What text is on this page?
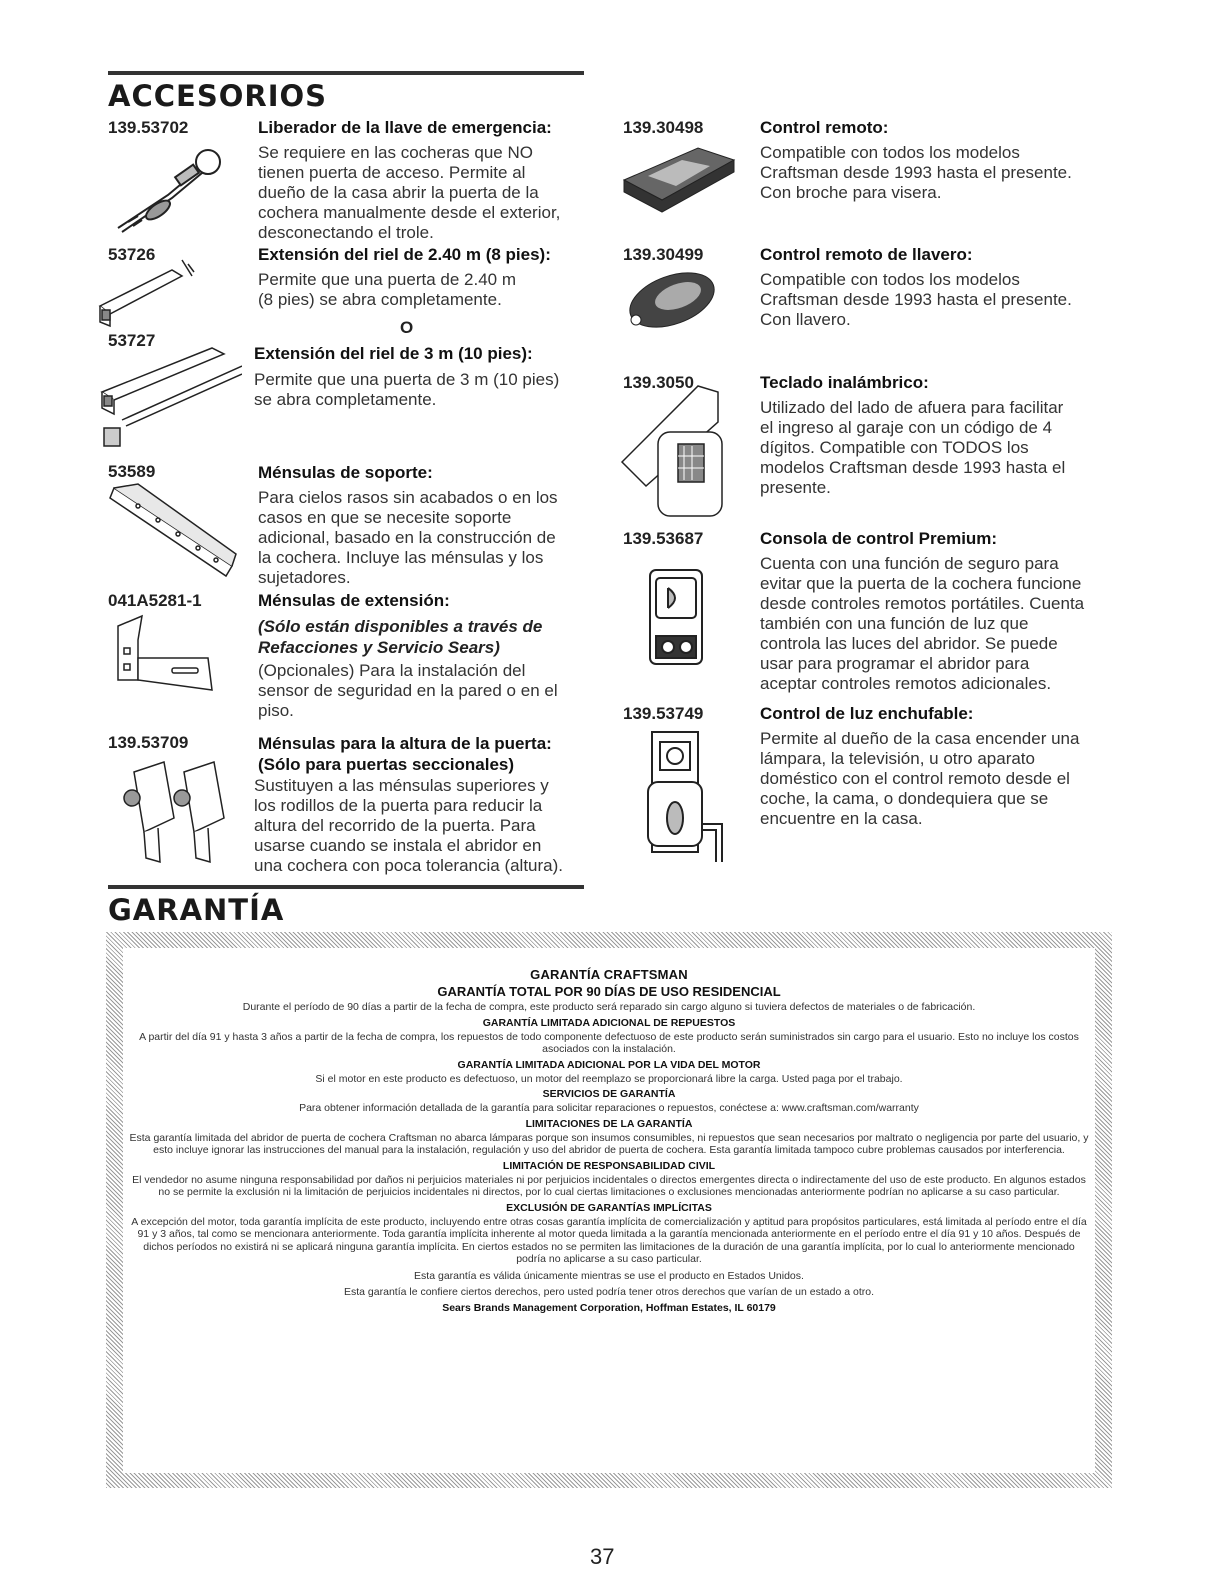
ACCESORIOS
139.53702	Liberador de la llave de emergencia:
Se requiere en las cocheras que NO
tienen puerta de acceso. Permite al
dueño de la casa abrir la puerta de la
cochera manualmente desde el exterior,
desconectando el trole.
53726	Extensión del riel de 2.40 m (8 pies):
Permite que una puerta de 2.40 m
(8 pies) se abra completamente.
O
53727
Extensión del riel de 3 m (10 pies):
Permite que una puerta de 3 m (10 pies)
se abra completamente.
53589	Ménsulas de soporte:
Para cielos rasos sin acabados o en los
casos en que se necesite soporte
adicional, basado en la construcción de
la cochera. Incluye las ménsulas y los
sujetadores.
041A5281-1	Ménsulas de extensión:
(Sólo están disponibles a través de
Refacciones y Servicio Sears)
(Opcionales) Para la instalación del
sensor de seguridad en la pared o en el
piso.
139.53709	Ménsulas para la altura de la puerta:
(Sólo para puertas seccionales)
Sustituyen a las ménsulas superiores y
los rodillos de la puerta para reducir la
altura del recorrido de la puerta. Para
usarse cuando se instala el abridor en
una cochera con poca tolerancia (altura).
139.30498	Control remoto:
Compatible con todos los modelos
Craftsman desde 1993 hasta el presente.
Con broche para visera.
139.30499	Control remoto de llavero:
Compatible con todos los modelos
Craftsman desde 1993 hasta el presente.
Con llavero.
139.3050	Teclado inalámbrico:
Utilizado del lado de afuera para facilitar
el ingreso al garaje con un código de 4
dígitos. Compatible con TODOS los
modelos Craftsman desde 1993 hasta el
presente.
139.53687	Consola de control Premium:
Cuenta con una función de seguro para
evitar que la puerta de la cochera funcione
desde controles remotos portátiles. Cuenta
también con una función de luz que
controla las luces del abridor. Se puede
usar para programar el abridor para
aceptar controles remotos adicionales.
139.53749	Control de luz enchufable:
Permite al dueño de la casa encender una
lámpara, la televisión, u otro aparato
doméstico con el control remoto desde el
coche, la cama, o dondequiera que se
encuentre en la casa.
GARANTÍA
GARANTÍA CRAFTSMAN
GARANTÍA TOTAL POR 90 DÍAS DE USO RESIDENCIAL
Durante el período de 90 días a partir de la fecha de compra, este producto será reparado sin cargo alguno si tuviera defectos de materiales o de fabricación.
GARANTÍA LIMITADA ADICIONAL DE REPUESTOS
A partir del día 91 y hasta 3 años a partir de la fecha de compra, los repuestos de todo componente defectuoso de este producto serán suministrados sin cargo para el usuario. Esto no incluye los costos asociados con la instalación.
GARANTÍA LIMITADA ADICIONAL POR LA VIDA DEL MOTOR
Si el motor en este producto es defectuoso, un motor del reemplazo se proporcionará libre la carga. Usted paga por el trabajo.
SERVICIOS DE GARANTÍA
Para obtener información detallada de la garantía para solicitar reparaciones o repuestos, conéctese a: www.craftsman.com/warranty
LIMITACIONES DE LA GARANTÍA
Esta garantía limitada del abridor de puerta de cochera Craftsman no abarca lámparas porque son insumos consumibles, ni repuestos que sean necesarios por maltrato o negligencia por parte del usuario, y esto incluye ignorar las instrucciones del manual para la instalación, regulación y uso del abridor de puerta de cochera. Esta garantía limitada tampoco cubre problemas causados por interferencia.
LIMITACIÓN DE RESPONSABILIDAD CIVIL
El vendedor no asume ninguna responsabilidad por daños ni perjuicios materiales ni por perjuicios incidentales o directos emergentes directa o indirectamente del uso de este producto. En algunos estados no se permite la exclusión ni la limitación de perjuicios incidentales ni directos, por lo cual ciertas limitaciones o exclusiones mencionadas anteriormente podrían no aplicarse a su caso particular.
EXCLUSIÓN DE GARANTÍAS IMPLÍCITAS
A excepción del motor, toda garantía implícita de este producto, incluyendo entre otras cosas garantía implícita de comercialización y aptitud para propósitos particulares, está limitada al período entre el día 91 y 3 años, tal como se mencionara anteriormente. Toda garantía implícita inherente al motor queda limitada a la garantía mencionada anteriormente en el período entre el día 91 y 10 años. Después de dichos períodos no existirá ni se aplicará ninguna garantía implícita. En ciertos estados no se permiten las limitaciones de la duración de una garantía implícita, por lo cual lo anteriormente mencionado podría no aplicarse a su caso particular.
Esta garantía es válida únicamente mientras se use el producto en Estados Unidos.
Esta garantía le confiere ciertos derechos, pero usted podría tener otros derechos que varían de un estado a otro.
Sears Brands Management Corporation, Hoffman Estates, IL 60179
37
